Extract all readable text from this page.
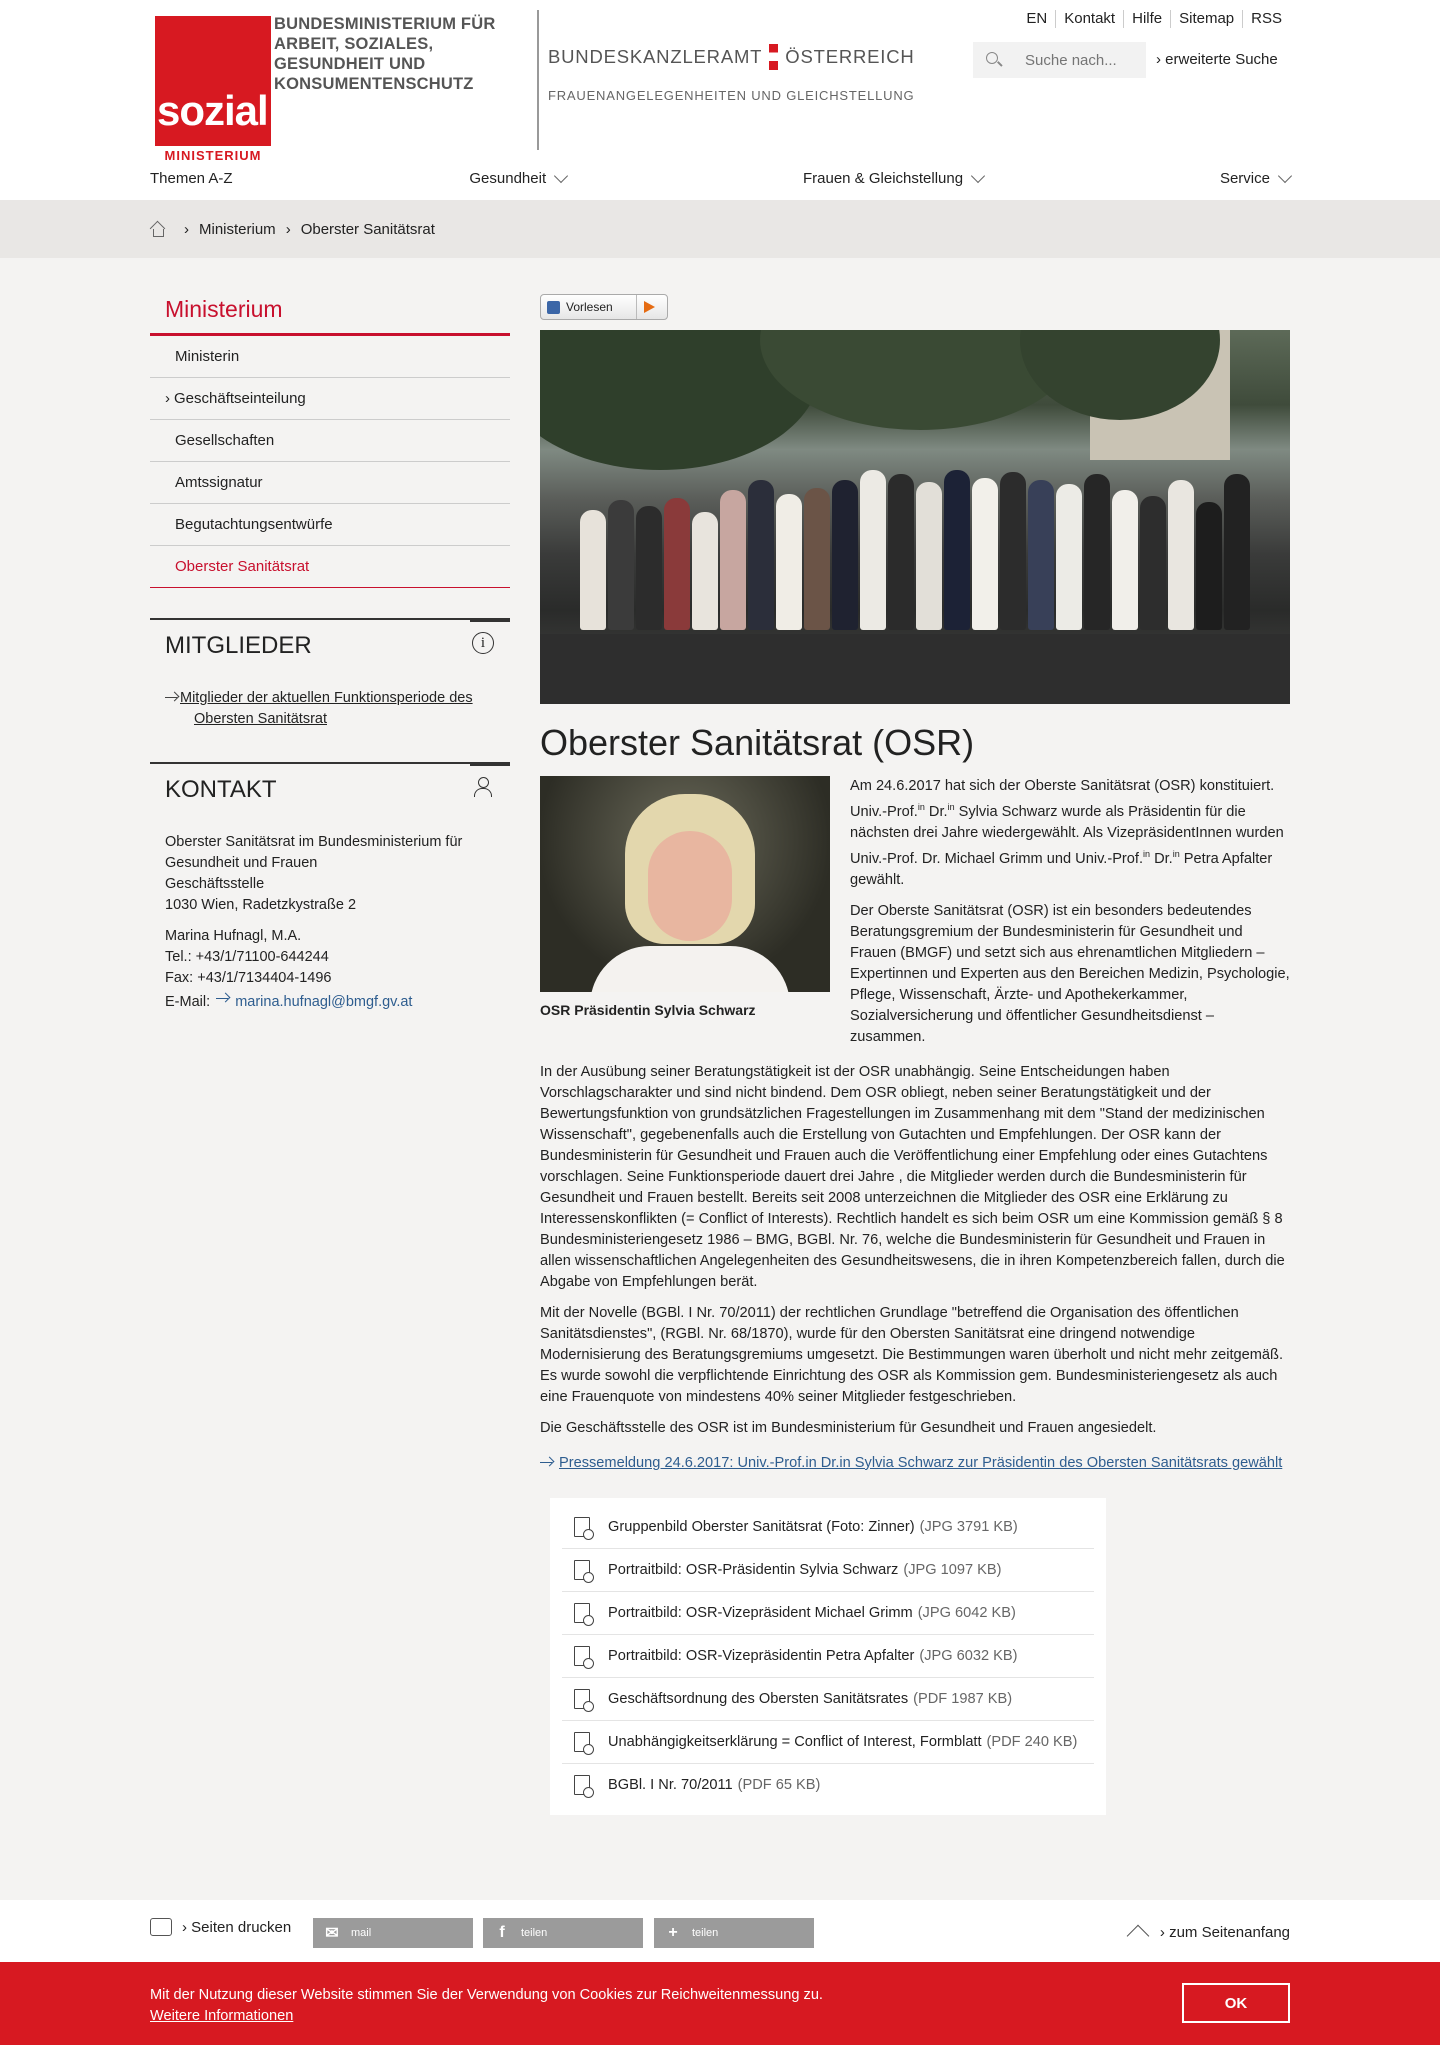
sozial
MINISTERIUM
BUNDESMINISTERIUM FÜR ARBEIT, SOZIALES, GESUNDHEIT UND KONSUMENTENSCHUTZ
BUNDESKANZLERAMT ÖSTERREICH
FRAUENANGELEGENHEITEN UND GLEICHSTELLUNG
EN	Kontakt	Hilfe	Sitemap	RSS
Suche nach...
› erweiterte Suche
Themen A-Z	Gesundheit	Frauen & Gleichstellung	Service
› Ministerium › Oberster Sanitätsrat
Ministerium
Ministerin
› Geschäftseinteilung
Gesellschaften
Amtssignatur
Begutachtungsentwürfe
Oberster Sanitätsrat
MITGLIEDER	i
Mitglieder der aktuellen Funktionsperiode des Obersten Sanitätsrat
KONTAKT

Oberster Sanitätsrat im Bundesministerium für
Gesundheit und Frauen
Geschäftsstelle
1030 Wien, Radetzkystraße 2

Marina Hufnagl, M.A.
Tel.: +43/1/71100-644244
Fax: +43/1/7134404-1496
E-Mail: marina.hufnagl@bmgf.gv.at

Vorlesen
Oberster Sanitätsrat (OSR)
OSR Präsidentin Sylvia Schwarz

Am 24.6.2017 hat sich der Oberste Sanitätsrat (OSR) konstituiert. Univ.-Prof.$^{in}$ Dr.$^{in}$ Sylvia Schwarz wurde als Präsidentin für die nächsten drei Jahre wiedergewählt. Als VizepräsidentInnen wurden Univ.-Prof. Dr. Michael Grimm und Univ.-Prof.$^{in}$ Dr.$^{in}$ Petra Apfalter gewählt.

Der Oberste Sanitätsrat (OSR) ist ein besonders bedeutendes Beratungsgremium der Bundesministerin für Gesundheit und Frauen (BMGF) und setzt sich aus ehrenamtlichen Mitgliedern – Expertinnen und Experten aus den Bereichen Medizin, Psychologie, Pflege, Wissenschaft, Ärzte- und Apothekerkammer, Sozialversicherung und öffentlicher Gesundheitsdienst – zusammen.

In der Ausübung seiner Beratungstätigkeit ist der OSR unabhängig. Seine Entscheidungen haben Vorschlagscharakter und sind nicht bindend. Dem OSR obliegt, neben seiner Beratungstätigkeit und der Bewertungsfunktion von grundsätzlichen Fragestellungen im Zusammenhang mit dem "Stand der medizinischen Wissenschaft", gegebenenfalls auch die Erstellung von Gutachten und Empfehlungen. Der OSR kann der Bundesministerin für Gesundheit und Frauen auch die Veröffentlichung einer Empfehlung oder eines Gutachtens vorschlagen. Seine Funktionsperiode dauert drei Jahre , die Mitglieder werden durch die Bundesministerin für Gesundheit und Frauen bestellt. Bereits seit 2008 unterzeichnen die Mitglieder des OSR eine Erklärung zu Interessenskonflikten (= Conflict of Interests). Rechtlich handelt es sich beim OSR um eine Kommission gemäß § 8 Bundesministeriengesetz 1986 – BMG, BGBl. Nr. 76, welche die Bundesministerin für Gesundheit und Frauen in allen wissenschaftlichen Angelegenheiten des Gesundheitswesens, die in ihren Kompetenzbereich fallen, durch die Abgabe von Empfehlungen berät.

Mit der Novelle (BGBl. I Nr. 70/2011) der rechtlichen Grundlage "betreffend die Organisation des öffentlichen Sanitätsdienstes", (RGBl. Nr. 68/1870), wurde für den Obersten Sanitätsrat eine dringend notwendige Modernisierung des Beratungsgremiums umgesetzt. Die Bestimmungen waren überholt und nicht mehr zeitgemäß. Es wurde sowohl die verpflichtende Einrichtung des OSR als Kommission gem. Bundesministeriengesetz als auch eine Frauenquote von mindestens 40% seiner Mitglieder festgeschrieben.

Die Geschäftsstelle des OSR ist im Bundesministerium für Gesundheit und Frauen angesiedelt.

Pressemeldung 24.6.2017: Univ.-Prof.in Dr.in Sylvia Schwarz zur Präsidentin des Obersten Sanitätsrats gewählt
Gruppenbild Oberster Sanitätsrat (Foto: Zinner) (JPG 3791 KB)
Portraitbild: OSR-Präsidentin Sylvia Schwarz (JPG 1097 KB)
Portraitbild: OSR-Vizepräsident Michael Grimm (JPG 6042 KB)
Portraitbild: OSR-Vizepräsidentin Petra Apfalter (JPG 6032 KB)
Geschäftsordnung des Obersten Sanitätsrates (PDF 1987 KB)
Unabhängigkeitserklärung = Conflict of Interest, Formblatt (PDF 240 KB)
BGBl. I Nr. 70/2011 (PDF 65 KB)
› Seiten drucken ✉ mail	f	teilen	+ teilen	› zum Seitenanfang
Mit der Nutzung dieser Website stimmen Sie der Verwendung von Cookies zur Reichweitenmessung zu.
Weitere Informationen
OK
